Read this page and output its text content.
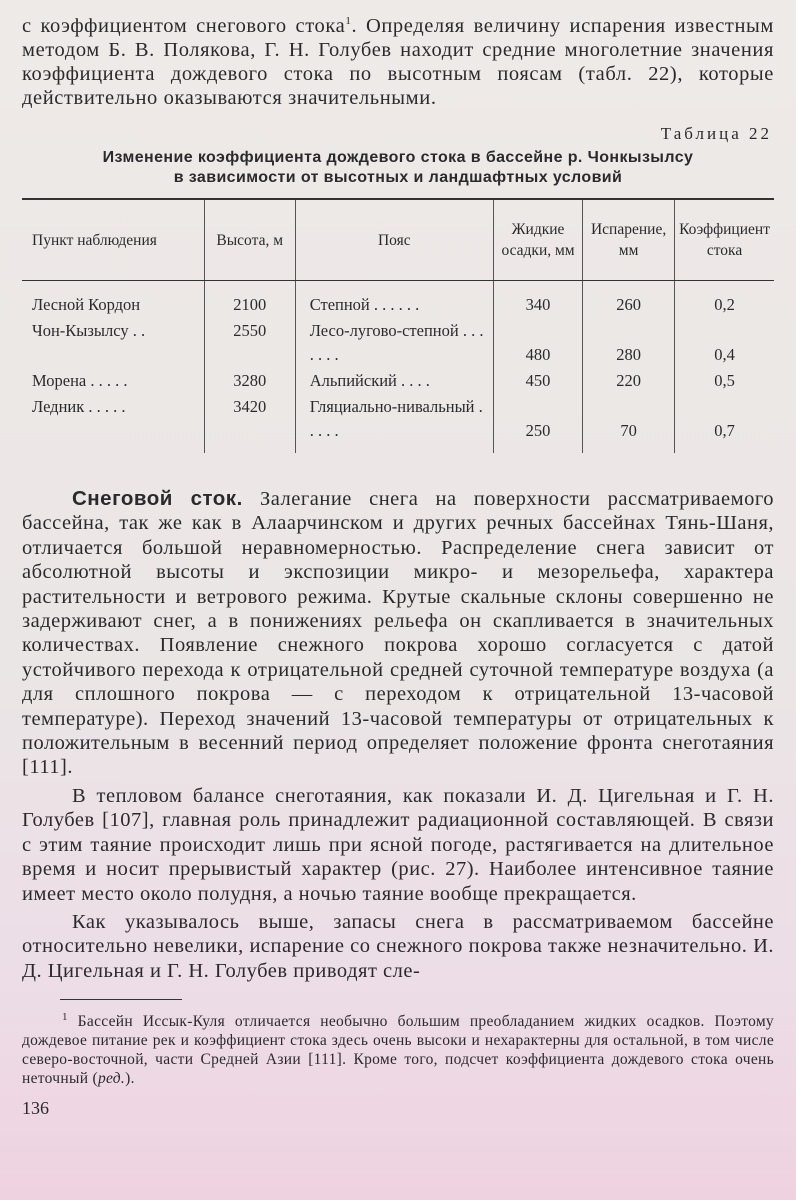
с коэффициентом снегового стока$^1$. Определяя величину испарения известным методом Б. В. Полякова, Г. Н. Голубев находит средние многолетние значения коэффициента дождевого стока по высотным поясам (табл. 22), которые действительно оказываются значительными.

Таблица 22
Изменение коэффициента дождевого стока в бассейне р. Чонкызылсу
в зависимости от высотных и ландшафтных условий
Пункт наблюдения	Высота, м	Пояс	Жидкие осадки, мм	Испарение, мм	Коэффициент стока
Лесной Кордон	2100	Степной . . . . . .	340	260	0,2
Чон-Кызылсу . .	2550	Лесо-лугово-степной . . . . . . .	480	280	0,4
Морена . . . . .	3280	Альпийский . . . .	450	220	0,5
Ледник . . . . .	3420	Гляциально-нивальный . . . . .	250	70	0,7

Снеговой сток. Залегание снега на поверхности рассматриваемого бассейна, так же как в Алаарчинском и других речных бассейнах Тянь-Шаня, отличается большой неравномерностью. Распределение снега зависит от абсолютной высоты и экспозиции микро- и мезорельефа, характера растительности и ветрового режима. Крутые скальные склоны совершенно не задерживают снег, а в понижениях рельефа он скапливается в значительных количествах. Появление снежного покрова хорошо согласуется с датой устойчивого перехода к отрицательной средней суточной температуре воздуха (а для сплошного покрова — с переходом к отрицательной 13-часовой температуре). Переход значений 13-часовой температуры от отрицательных к положительным в весенний период определяет положение фронта снеготаяния [111].

В тепловом балансе снеготаяния, как показали И. Д. Цигельная и Г. Н. Голубев [107], главная роль принадлежит радиационной составляющей. В связи с этим таяние происходит лишь при ясной погоде, растягивается на длительное время и носит прерывистый характер (рис. 27). Наиболее интенсивное таяние имеет место около полудня, а ночью таяние вообще прекращается.

Как указывалось выше, запасы снега в рассматриваемом бассейне относительно невелики, испарение со снежного покрова также незначительно. И. Д. Цигельная и Г. Н. Голубев приводят сле-

$^1$ Бассейн Иссык-Куля отличается необычно большим преобладанием жидких осадков. Поэтому дождевое питание рек и коэффициент стока здесь очень высоки и нехарактерны для остальной, в том числе северо-восточной, части Средней Азии [111]. Кроме того, подсчет коэффициента дождевого стока очень неточный (ред.).

136
